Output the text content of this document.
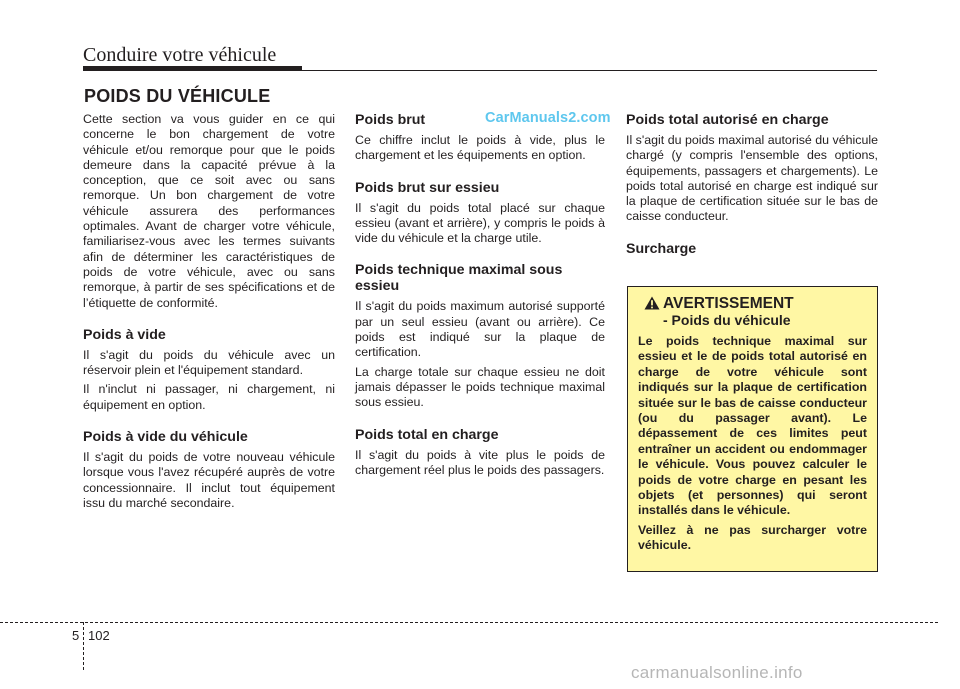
Conduire votre véhicule
POIDS DU VÉHICULE
CarManuals2.com

Cette section va vous guider en ce qui concerne le bon chargement de votre véhicule et/ou remorque pour que le poids demeure dans la capacité prévue à la conception, que ce soit avec ou sans remorque. Un bon chargement de votre véhicule assurera des performances optimales. Avant de charger votre véhicule, familiarisez-vous avec les termes suivants afin de déterminer les caractéristiques de poids de votre véhicule, avec ou sans remorque, à partir de ses spécifications et de l’étiquette de conformité.

Poids à vide

Il s'agit du poids du véhicule avec un réservoir plein et l'équipement standard.

Il n'inclut ni passager, ni chargement, ni équipement en option.

Poids à vide du véhicule

Il s'agit du poids de votre nouveau véhicule lorsque vous l'avez récupéré auprès de votre concessionnaire. Il inclut tout équipement issu du marché secondaire.

Poids brut

Ce chiffre inclut le poids à vide, plus le chargement et les équipements en option.

Poids brut sur essieu

Il s'agit du poids total placé sur chaque essieu (avant et arrière), y compris le poids à vide du véhicule et la charge utile.

Poids technique maximal sous essieu

Il s'agit du poids maximum autorisé supporté par un seul essieu (avant ou arrière). Ce poids est indiqué sur la plaque de certification.

La charge totale sur chaque essieu ne doit jamais dépasser le poids technique maximal sous essieu.

Poids total en charge

Il s'agit du poids à vite plus le poids de chargement réel plus le poids des passagers.

Poids total autorisé en charge

Il s'agit du poids maximal autorisé du véhicule chargé (y compris l'ensemble des options, équipements, passagers et chargements). Le poids total autorisé en charge est indiqué sur la plaque de certification située sur le bas de caisse conducteur.

Surcharge
AVERTISSEMENT
- Poids du véhicule

Le poids technique maximal sur essieu et le de poids total autorisé en charge de votre véhicule sont indiqués sur la plaque de certification située sur le bas de caisse conducteur (ou du passager avant). Le dépassement de ces limites peut entraîner un accident ou endommager le véhicule. Vous pouvez calculer le poids de votre charge en pesant les objets (et personnes) qui seront installés dans le véhicule.

Veillez à ne pas surcharger votre véhicule.

5 102
carmanualsonline.info
